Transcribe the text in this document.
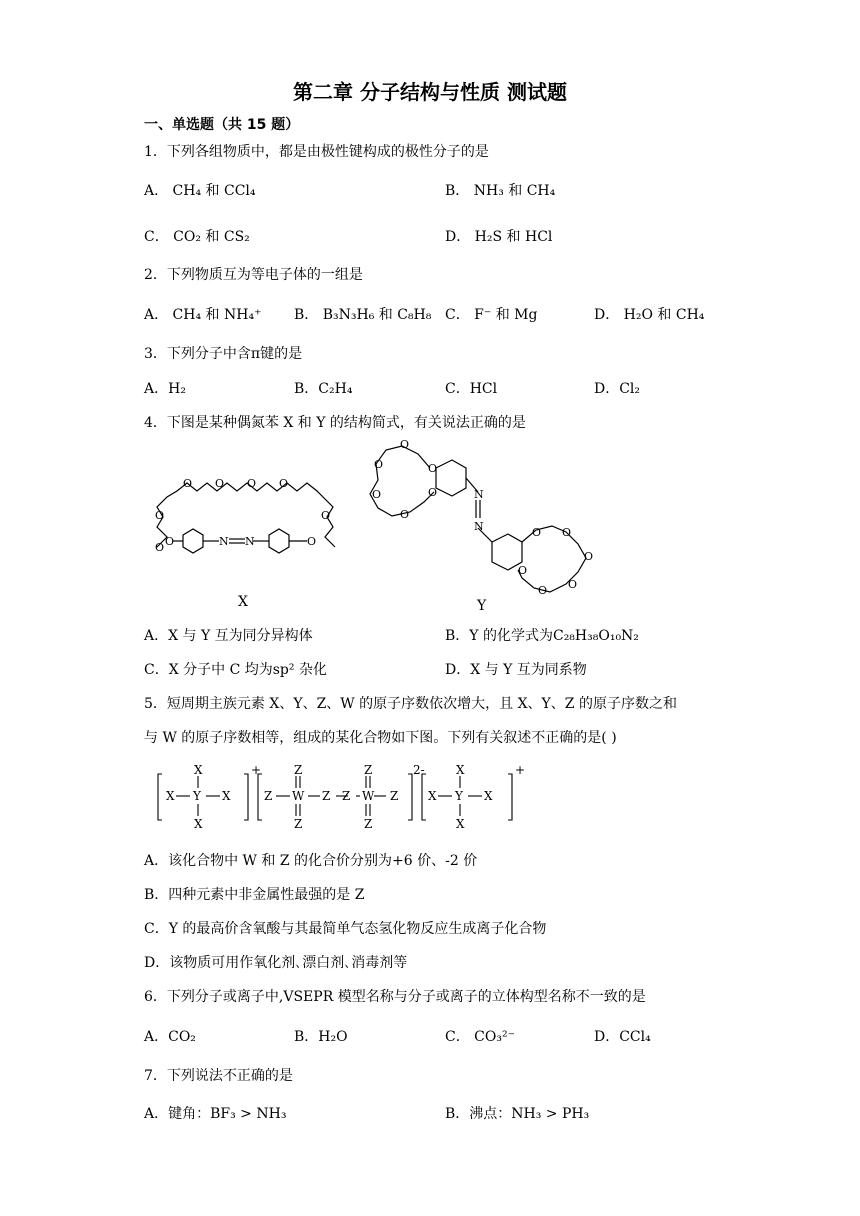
第二章 分子结构与性质 测试题
一、单选题（共 15 题）
1．下列各组物质中，都是由极性键构成的极性分子的是
A． CH₄ 和 CCl₄	B． NH₃ 和 CH₄
C． CO₂ 和 CS₂	D． H₂S 和 HCl
2．下列物质互为等电子体的一组是
A． CH₄ 和 NH₄⁺ B． B₃N₃H₆ 和 C₈H₈ C． F⁻ 和 Mg	D． H₂O 和 CH₄
3．下列分子中含π键的是
A．H₂	B．C₂H₄	C．HCl	D．Cl₂
4．下图是某种偶氮苯 X 和 Y 的结构简式，有关说法正确的是
O
O O
O O O O
O
O
N N
X
O
O
O
O
O
O	N
N	O O
O
O
O
O
Y
A．X 与 Y 互为同分异构体	B．Y 的化学式为C₂₈H₃₈O₁₀N₂
C．X 分子中 C 均为sp² 杂化	D．X 与 Y 互为同系物
5．短周期主族元素 X、Y、Z、W 的原子序数依次增大，且 X、Y、Z 的原子序数之和
与 W 的原子序数相等，组成的某化合物如下图。下列有关叙述不正确的是( )
X
X Y X
X
+	Z
Z W Z Z W Z
Z
Z
Z
2-	X
X Y X
X
+
A．该化合物中 W 和 Z 的化合价分别为+6 价、-2 价
B．四种元素中非金属性最强的是 Z
C．Y 的最高价含氧酸与其最简单气态氢化物反应生成离子化合物
D．该物质可用作氧化剂､漂白剂､消毒剂等
6．下列分子或离子中,VSEPR 模型名称与分子或离子的立体构型名称不一致的是
A．CO₂	B．H₂O	C． CO₃²⁻	D．CCl₄
7．下列说法不正确的是
A．键角：BF₃ > NH₃	B．沸点：NH₃ > PH₃
